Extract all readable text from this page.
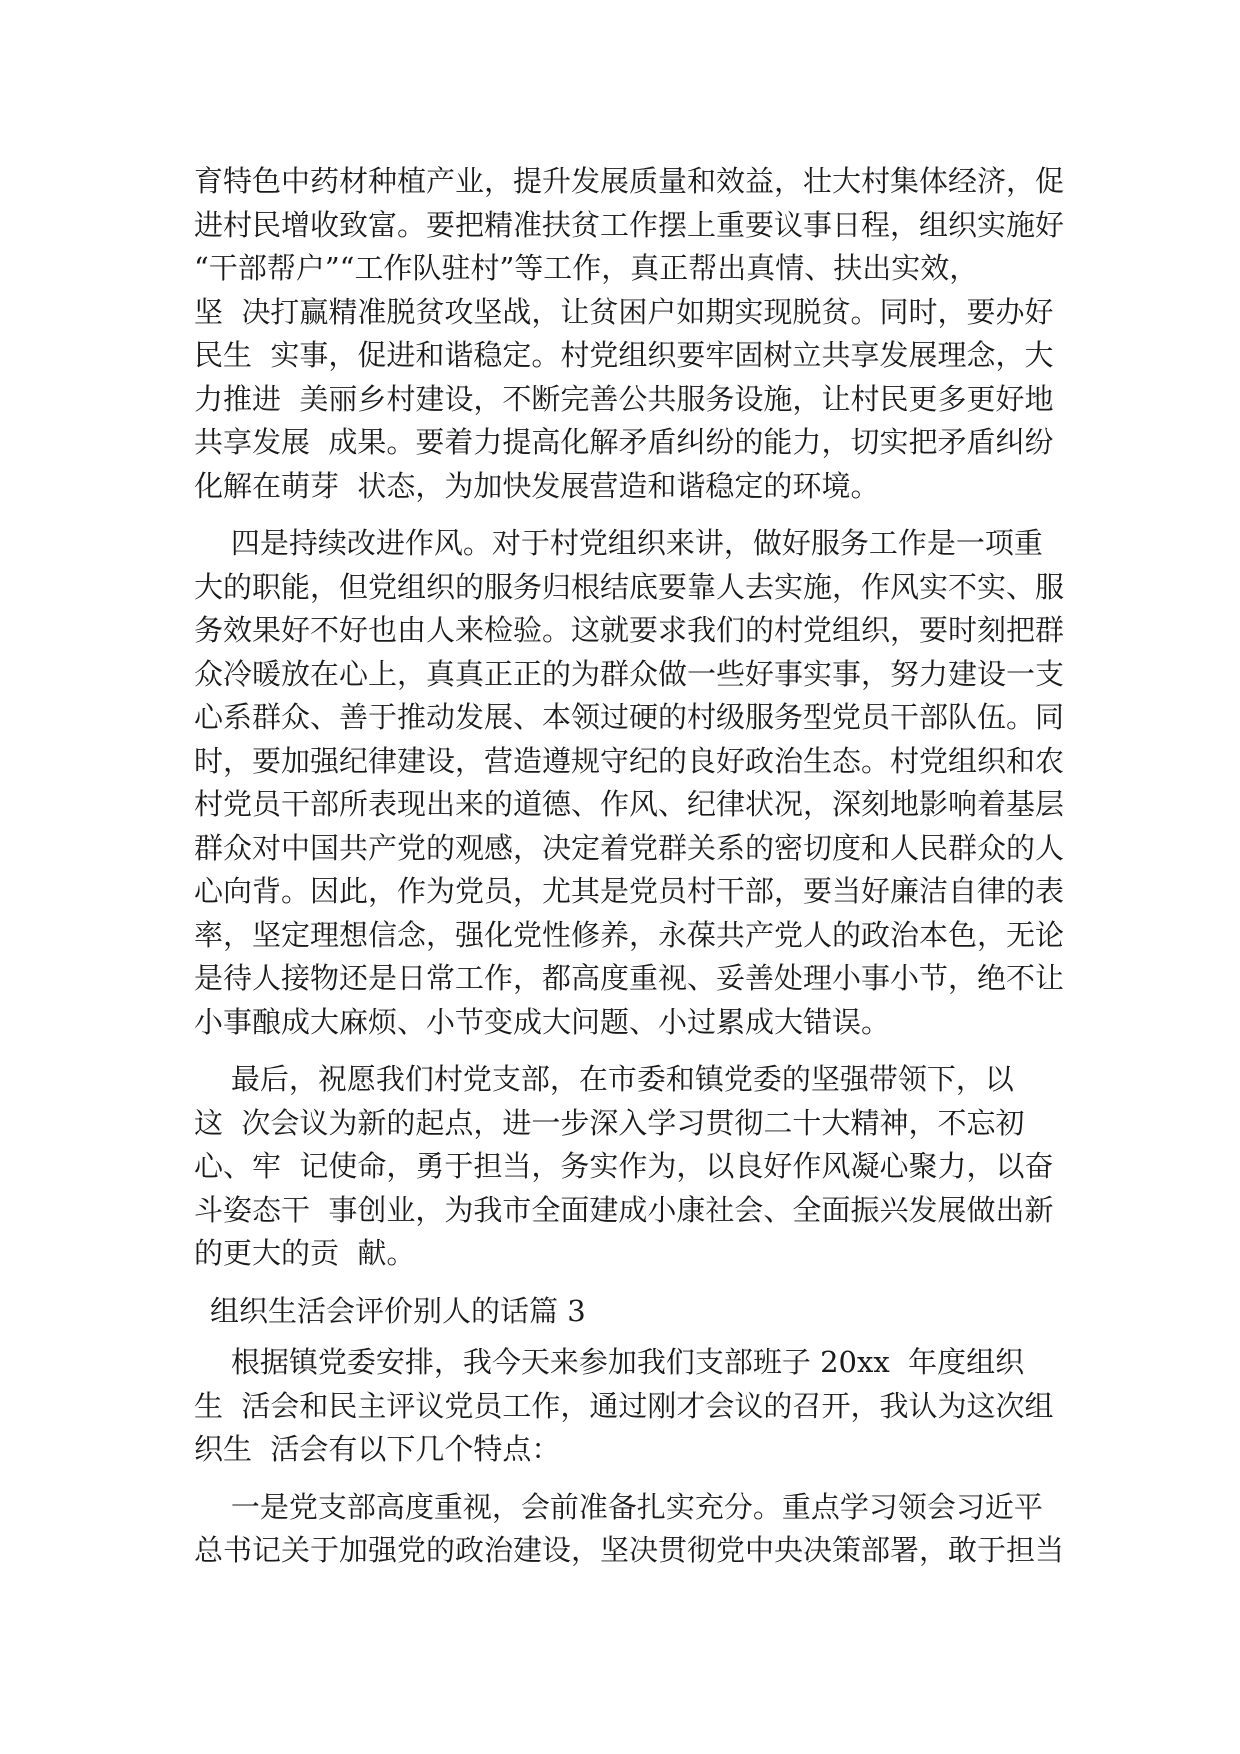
育特色中药材种植产业，提升发展质量和效益，壮大村集体经济，促
进村民增收致富。要把精准扶贫工作摆上重要议事日程，组织实施好
“干部帮户”“工作队驻村”等工作，真正帮出真情、扶出实效，
坚  决打赢精准脱贫攻坚战，让贫困户如期实现脱贫。同时，要办好
民生  实事，促进和谐稳定。村党组织要牢固树立共享发展理念，大
力推进  美丽乡村建设，不断完善公共服务设施，让村民更多更好地
共享发展  成果。要着力提高化解矛盾纠纷的能力，切实把矛盾纠纷
化解在萌芽  状态，为加快发展营造和谐稳定的环境。
四是持续改进作风。对于村党组织来讲，做好服务工作是一项重
大的职能，但党组织的服务归根结底要靠人去实施，作风实不实、服
务效果好不好也由人来检验。这就要求我们的村党组织，要时刻把群
众冷暖放在心上，真真正正的为群众做一些好事实事，努力建设一支
心系群众、善于推动发展、本领过硬的村级服务型党员干部队伍。同
时，要加强纪律建设，营造遵规守纪的良好政治生态。村党组织和农
村党员干部所表现出来的道德、作风、纪律状况，深刻地影响着基层
群众对中国共产党的观感，决定着党群关系的密切度和人民群众的人
心向背。因此，作为党员，尤其是党员村干部，要当好廉洁自律的表
率，坚定理想信念，强化党性修养，永葆共产党人的政治本色，无论
是待人接物还是日常工作，都高度重视、妥善处理小事小节，绝不让
小事酿成大麻烦、小节变成大问题、小过累成大错误。
最后，祝愿我们村党支部，在市委和镇党委的坚强带领下，以
这  次会议为新的起点，进一步深入学习贯彻二十大精神，不忘初
心、牢  记使命，勇于担当，务实作为，以良好作风凝心聚力，以奋
斗姿态干  事创业，为我市全面建成小康社会、全面振兴发展做出新
的更大的贡  献。
组织生活会评价别人的话篇 3
根据镇党委安排，我今天来参加我们支部班子 20xx  年度组织
生  活会和民主评议党员工作，通过刚才会议的召开，我认为这次组
织生  活会有以下几个特点：
一是党支部高度重视，会前准备扎实充分。重点学习领会习近平
总书记关于加强党的政治建设，坚决贯彻党中央决策部署，敢于担当
